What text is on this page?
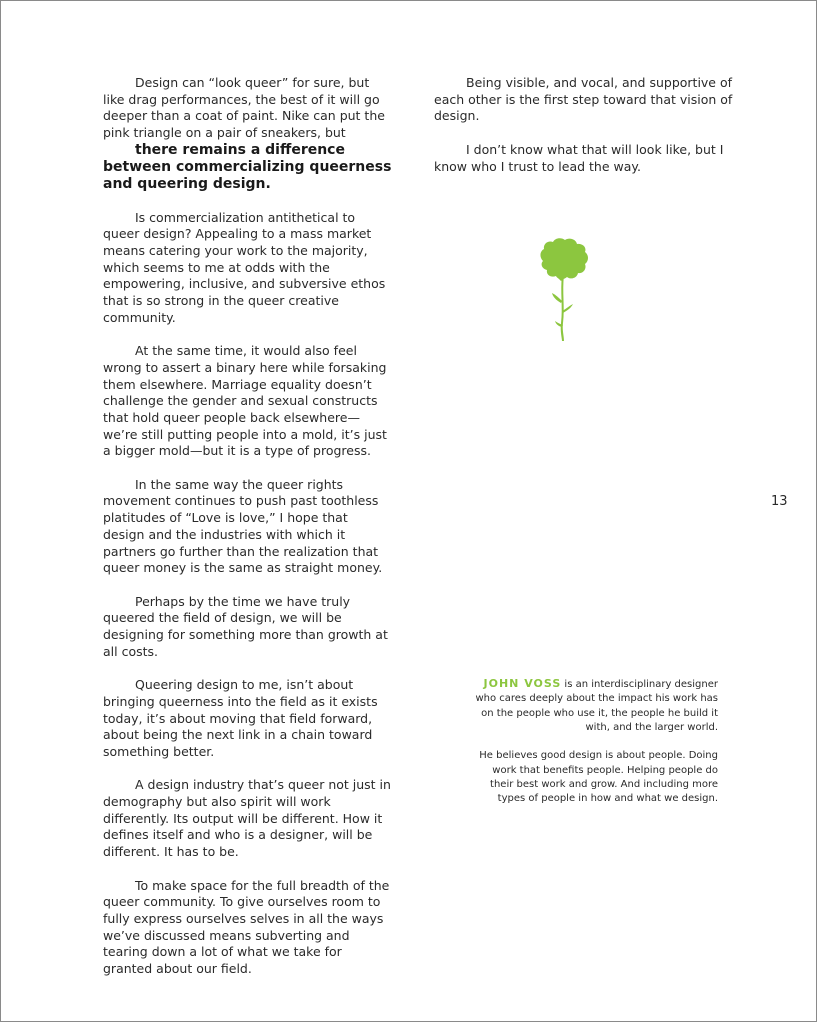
Design can “look queer” for sure, but like drag performances, the best of it will go deeper than a coat of paint. Nike can put the pink triangle on a pair of sneakers, but
there remains a difference between commercializing queerness and queering design.

Is commercialization antithetical to queer design? Appealing to a mass market means catering your work to the majority, which seems to me at odds with the empowering, inclusive, and subversive ethos that is so strong in the queer creative community.

At the same time, it would also feel wrong to assert a binary here while forsaking them elsewhere. Marriage equality doesn’t challenge the gender and sexual constructs that hold queer people back elsewhere— we’re still putting people into a mold, it’s just a bigger mold—but it is a type of progress.

In the same way the queer rights movement continues to push past toothless platitudes of “Love is love,” I hope that design and the industries with which it partners go further than the realization that queer money is the same as straight money.

Perhaps by the time we have truly queered the field of design, we will be designing for something more than growth at all costs.

Queering design to me, isn’t about bringing queerness into the field as it exists today, it’s about moving that field forward, about being the next link in a chain toward something better.

A design industry that’s queer not just in demography but also spirit will work differently. Its output will be different. How it defines itself and who is a designer, will be different. It has to be.

To make space for the full breadth of the queer community. To give ourselves room to fully express ourselves selves in all the ways we’ve discussed means subverting and tearing down a lot of what we take for granted about our field.

Being visible, and vocal, and supportive of each other is the first step toward that vision of design.

I don’t know what that will look like, but I know who I trust to lead the way.

13

JOHN VOSS is an interdisciplinary designer who cares deeply about the impact his work has on the people who use it, the people he build it with, and the larger world.

He believes good design is about people. Doing work that benefits people. Helping people do their best work and grow. And including more types of people in how and what we design.
